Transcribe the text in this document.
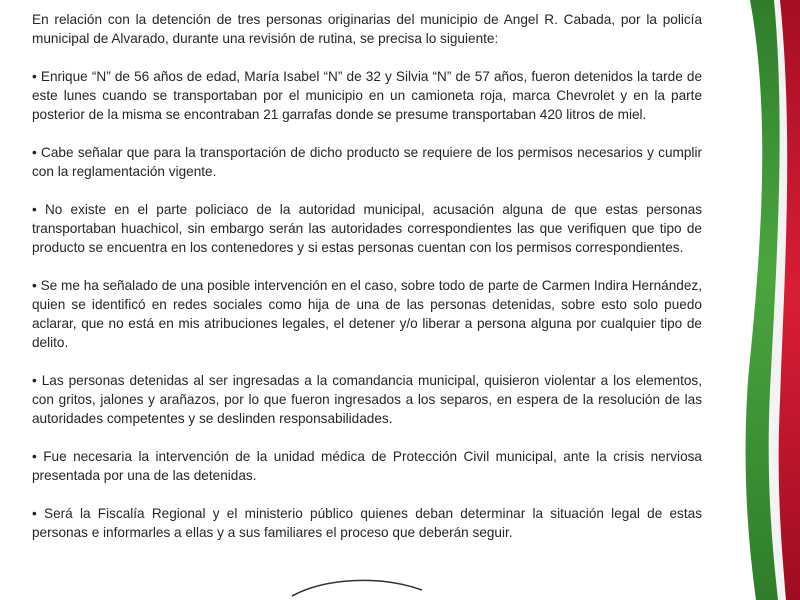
En relación con la detención de tres personas originarias del municipio de Angel R. Cabada, por la policía municipal de Alvarado, durante una revisión de rutina, se precisa lo siguiente:

• Enrique “N” de 56 años de edad, María Isabel “N” de 32 y Silvia “N” de 57 años, fueron detenidos la tarde de este lunes cuando se transportaban por el municipio en un camioneta roja, marca Chevrolet y en la parte posterior de la misma se encontraban 21 garrafas donde se presume transportaban 420 litros de miel.

• Cabe señalar que para la transportación de dicho producto se requiere de los permisos necesarios y cumplir con la reglamentación vigente.

• No existe en el parte policiaco de la autoridad municipal, acusación alguna de que estas personas transportaban huachicol, sin embargo serán las autoridades correspondientes las que verifiquen que tipo de producto se encuentra en los contenedores y si estas personas cuentan con los permisos correspondientes.

• Se me ha señalado de una posible intervención en el caso, sobre todo de parte de Carmen Indira Hernández, quien se identificó en redes sociales como hija de una de las personas detenidas, sobre esto solo puedo aclarar, que no está en mis atribuciones legales, el detener y/o liberar a persona alguna por cualquier tipo de delito.

• Las personas detenidas al ser ingresadas a la comandancia municipal, quisieron violentar a los elementos, con gritos, jalones y arañazos, por lo que fueron ingresados a los separos, en espera de la resolución de las autoridades competentes y se deslinden responsabilidades.

• Fue necesaria la intervención de la unidad médica de Protección Civil municipal, ante la crisis nerviosa presentada por una de las detenidas.

• Será la Fiscalía Regional y el ministerio público quienes deban determinar la situación legal de estas personas e informarles a ellas y a sus familiares el proceso que deberán seguir.
